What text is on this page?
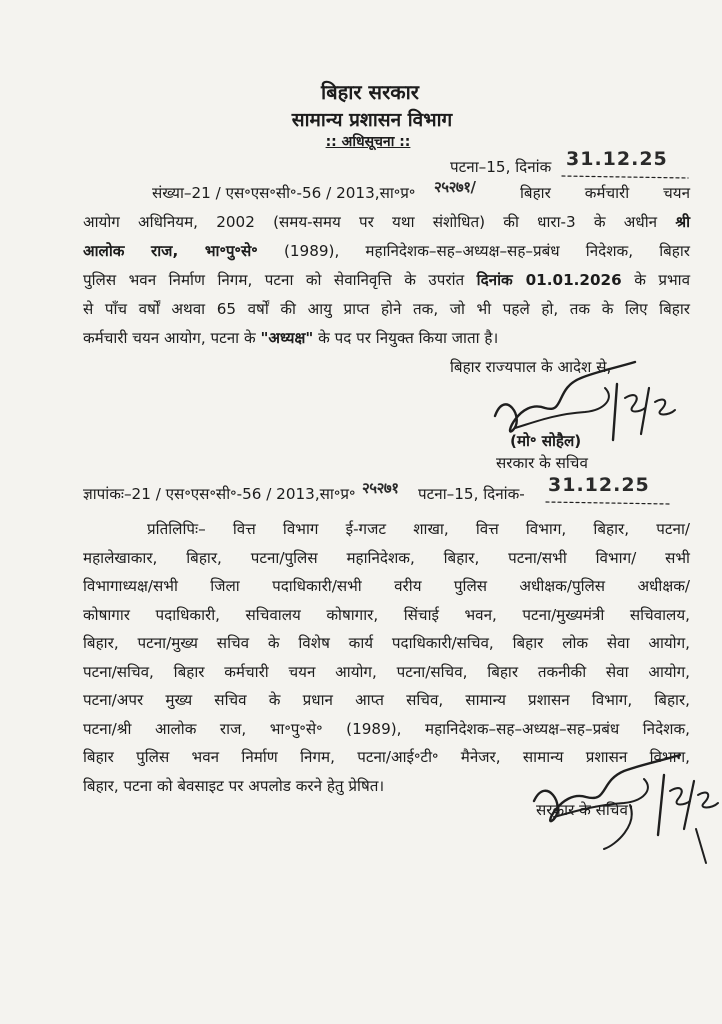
बिहार सरकार
सामान्य प्रशासन विभाग
:: अधिसूचना ::
पटना–15, दिनांक 31.12.25
संख्या–21 / एस॰एस॰सी॰-56 / 2013,सा॰प्र॰ २५२७१/	बिहार कर्मचारी चयन
आयोग अधिनियम, 2002 (समय-समय पर यथा संशोधित) की धारा-3 के अधीन श्री
आलोक राज, भा॰पु॰से॰ (1989), महानिदेशक–सह–अध्यक्ष–सह–प्रबंध निदेशक, बिहार
पुलिस भवन निर्माण निगम, पटना को सेवानिवृत्ति के उपरांत दिनांक 01.01.2026 के प्रभाव
से पाँच वर्षों अथवा 65 वर्षों की आयु प्राप्त होने तक, जो भी पहले हो, तक के लिए बिहार
कर्मचारी चयन आयोग, पटना के "अध्यक्ष" के पद पर नियुक्त किया जाता है।
बिहार राज्यपाल के आदेश से,
(मो॰ सोहैल)
सरकार के सचिव
ज्ञापांकः–21 / एस॰एस॰सी॰-56 / 2013,सा॰प्र॰ २५२७१ पटना–15, दिनांक- 31.12.25
प्रतिलिपिः– वित्त विभाग ई-गजट शाखा, वित्त विभाग, बिहार, पटना/
महालेखाकार, बिहार, पटना/पुलिस महानिदेशक, बिहार, पटना/सभी विभाग/ सभी
विभागाध्यक्ष/सभी जिला पदाधिकारी/सभी वरीय पुलिस अधीक्षक/पुलिस अधीक्षक/
कोषागार पदाधिकारी, सचिवालय कोषागार, सिंचाई भवन, पटना/मुख्यमंत्री सचिवालय,
बिहार, पटना/मुख्य सचिव के विशेष कार्य पदाधिकारी/सचिव, बिहार लोक सेवा आयोग,
पटना/सचिव, बिहार कर्मचारी चयन आयोग, पटना/सचिव, बिहार तकनीकी सेवा आयोग,
पटना/अपर मुख्य सचिव के प्रधान आप्त सचिव, सामान्य प्रशासन विभाग, बिहार,
पटना/श्री आलोक राज, भा॰पु॰से॰ (1989), महानिदेशक–सह–अध्यक्ष–सह–प्रबंध निदेशक,
बिहार पुलिस भवन निर्माण निगम, पटना/आई॰टी॰ मैनेजर, सामान्य प्रशासन विभाग,
बिहार, पटना को बेवसाइट पर अपलोड करने हेतु प्रेषित।
सरकार के सचिव।
